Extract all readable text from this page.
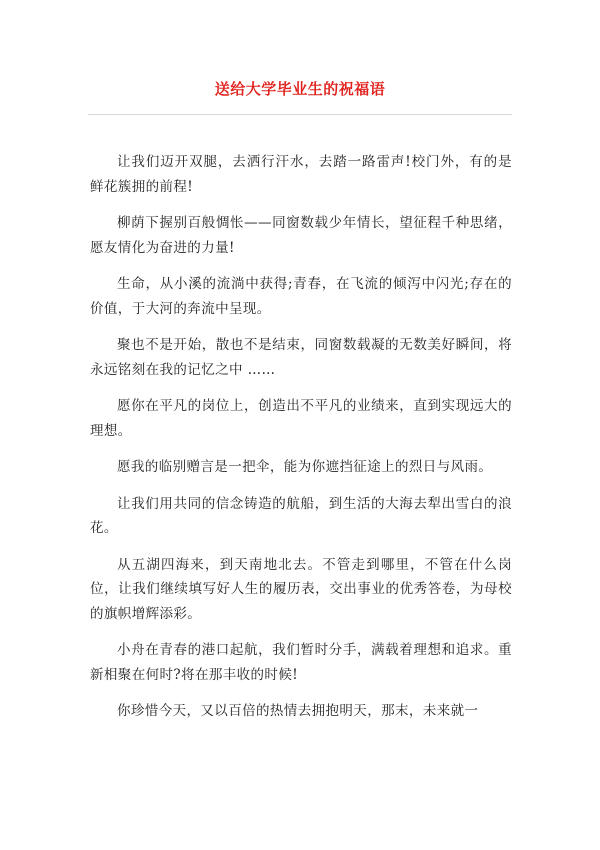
送给大学毕业生的祝福语

让我们迈开双腿，去洒行汗水，去踏一路雷声!校门外，有的是鲜花簇拥的前程!

柳荫下握别百般惆怅——同窗数载少年情长，望征程千种思绪，愿友情化为奋进的力量!

生命，从小溪的流淌中获得;青春，在飞流的倾泻中闪光;存在的价值，于大河的奔流中呈现。

聚也不是开始，散也不是结束，同窗数载凝的无数美好瞬间，将永远铭刻在我的记忆之中 ……

愿你在平凡的岗位上，创造出不平凡的业绩来，直到实现远大的理想。

愿我的临别赠言是一把伞，能为你遮挡征途上的烈日与风雨。

让我们用共同的信念铸造的航船，到生活的大海去犁出雪白的浪花。

从五湖四海来，到天南地北去。不管走到哪里，不管在什么岗位，让我们继续填写好人生的履历表，交出事业的优秀答卷，为母校的旗帜增辉添彩。

小舟在青春的港口起航，我们暂时分手，满载着理想和追求。重新相聚在何时?将在那丰收的时候!

你珍惜今天，又以百倍的热情去拥抱明天，那末，未来就一
